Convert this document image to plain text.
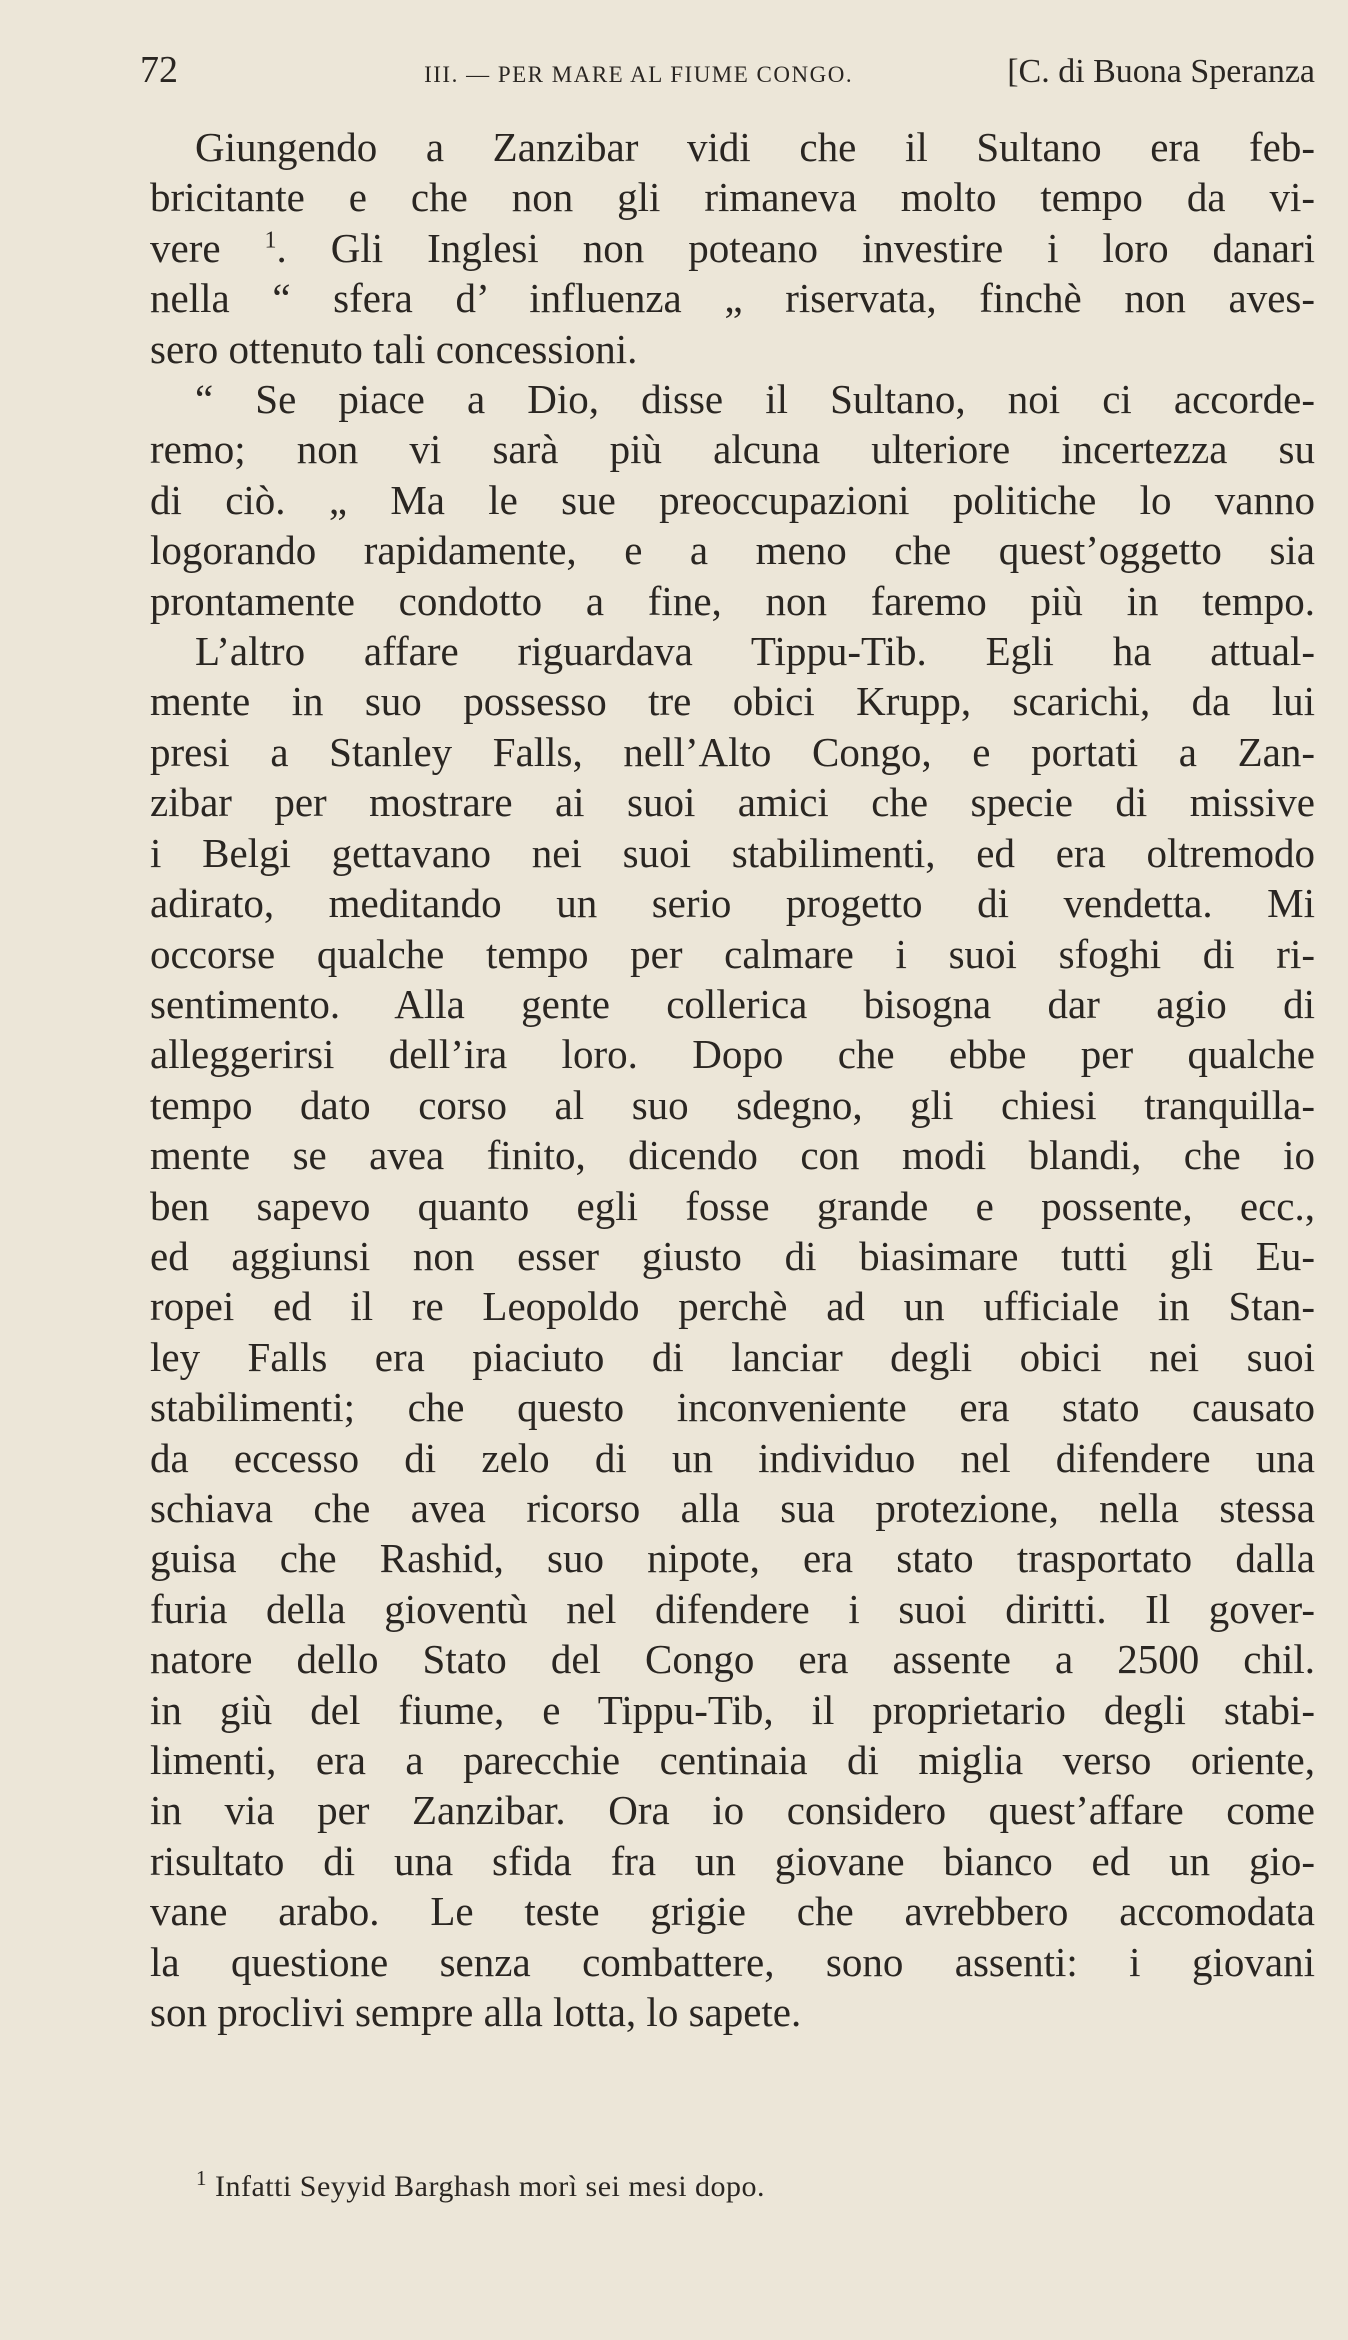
72	III. — PER MARE AL FIUME CONGO.	[C. di Buona Speranza

Giungendo a Zanzibar vidi che il Sultano era feb-
bricitante e che non gli rimaneva molto tempo da vi-
vere $^1$. Gli Inglesi non poteano investire i loro danari
nella “ sfera d’ influenza „ riservata, finchè non aves-
sero ottenuto tali concessioni.

“ Se piace a Dio, disse il Sultano, noi ci accorde-
remo; non vi sarà più alcuna ulteriore incertezza su
di ciò. „ Ma le sue preoccupazioni politiche lo vanno
logorando rapidamente, e a meno che quest’oggetto sia
prontamente condotto a fine, non faremo più in tempo.

L’altro affare riguardava Tippu-Tib. Egli ha attual-
mente in suo possesso tre obici Krupp, scarichi, da lui
presi a Stanley Falls, nell’Alto Congo, e portati a Zan-
zibar per mostrare ai suoi amici che specie di missive
i Belgi gettavano nei suoi stabilimenti, ed era oltremodo
adirato, meditando un serio progetto di vendetta. Mi
occorse qualche tempo per calmare i suoi sfoghi di ri-
sentimento. Alla gente collerica bisogna dar agio di
alleggerirsi dell’ira loro. Dopo che ebbe per qualche
tempo dato corso al suo sdegno, gli chiesi tranquilla-
mente se avea finito, dicendo con modi blandi, che io
ben sapevo quanto egli fosse grande e possente, ecc.,
ed aggiunsi non esser giusto di biasimare tutti gli Eu-
ropei ed il re Leopoldo perchè ad un ufficiale in Stan-
ley Falls era piaciuto di lanciar degli obici nei suoi
stabilimenti; che questo inconveniente era stato causato
da eccesso di zelo di un individuo nel difendere una
schiava che avea ricorso alla sua protezione, nella stessa
guisa che Rashid, suo nipote, era stato trasportato dalla
furia della gioventù nel difendere i suoi diritti. Il gover-
natore dello Stato del Congo era assente a 2500 chil.
in giù del fiume, e Tippu-Tib, il proprietario degli stabi-
limenti, era a parecchie centinaia di miglia verso oriente,
in via per Zanzibar. Ora io considero quest’affare come
risultato di una sfida fra un giovane bianco ed un gio-
vane arabo. Le teste grigie che avrebbero accomodata
la questione senza combattere, sono assenti: i giovani
son proclivi sempre alla lotta, lo sapete.

$^1$ Infatti Seyyid Barghash morì sei mesi dopo.
